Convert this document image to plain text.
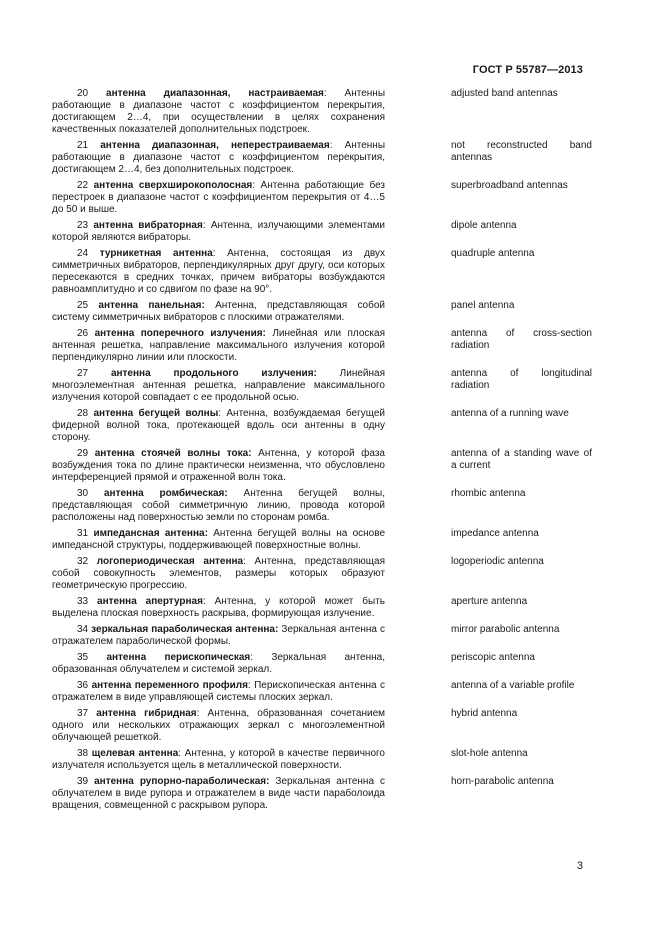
ГОСТ Р 55787—2013

20 антенна диапазонная, настраиваемая: Антенны работающие в диапазоне частот с коэффициентом перекрытия, достигающем 2…4, при осуществлении в целях сохранения качественных показателей дополнительных подстроек.

adjusted band antennas

21 антенна диапазонная, неперестраиваемая: Антенны работающие в диапазоне частот с коэффициентом перекрытия, достигающем 2…4, без дополнительных подстроек.

not reconstructed band antennas

22 антенна сверхширокополосная: Антенна работающие без перестроек в диапазоне частот с коэффициентом перекрытия от 4…5 до 50 и выше.

superbroadband antennas

23 антенна вибраторная: Антенна, излучающими элементами которой являются вибраторы.

dipole antenna

24 турникетная антенна: Антенна, состоящая из двух симметричных вибраторов, перпендикулярных друг другу, оси которых пересекаются в средних точках, причем вибраторы возбуждаются равноамплитудно и со сдвигом по фазе на 90°.

quadruple antenna

25 антенна панельная: Антенна, представляющая собой систему симметричных вибраторов с плоскими отражателями.

panel antenna

26 антенна поперечного излучения: Линейная или плоская антенная решетка, направление максимального излучения которой перпендикулярно линии или плоскости.

antenna of cross-section radiation

27 антенна продольного излучения: Линейная многоэлементная антенная решетка, направление максимального излучения которой совпадает с ее продольной осью.

antenna of longitudinal radiation

28 антенна бегущей волны: Антенна, возбуждаемая бегущей фидерной волной тока, протекающей вдоль оси антенны в одну сторону.

antenna of a running wave

29 антенна стоячей волны тока: Антенна, у которой фаза возбуждения тока по длине практически неизменна, что обусловлено интерференцией прямой и отраженной волн тока.

antenna of a standing wave of a current

30 антенна ромбическая: Антенна бегущей волны, представляющая собой симметричную линию, провода которой расположены над поверхностью земли по сторонам ромба.

rhombic antenna

31 импедансная антенна: Антенна бегущей волны на основе импедансной структуры, поддерживающей поверхностные волны.

impedance antenna

32 логопериодическая антенна: Антенна, представляющая собой совокупность элементов, размеры которых образуют геометрическую прогрессию.

logoperiodic antenna

33 антенна апертурная: Антенна, у которой может быть выделена плоская поверхность раскрыва, формирующая излучение.

aperture antenna

34 зеркальная параболическая антенна: Зеркальная антенна с отражателем параболической формы.

mirror parabolic antenna

35 антенна перископическая: Зеркальная антенна, образованная облучателем и системой зеркал.

periscopic antenna

36 антенна переменного профиля: Перископическая антенна с отражателем в виде управляющей системы плоских зеркал.

antenna of a variable profile

37 антенна гибридная: Антенна, образованная сочетанием одного или нескольких отражающих зеркал с многоэлементной облучающей решеткой.

hybrid antenna

38 щелевая антенна: Антенна, у которой в качестве первичного излучателя используется щель в металлической поверхности.

slot-hole antenna

39 антенна рупорно-параболическая: Зеркальная антенна с облучателем в виде рупора и отражателем в виде части параболоида вращения, совмещенной с раскрывом рупора.

horn-parabolic antenna

3
